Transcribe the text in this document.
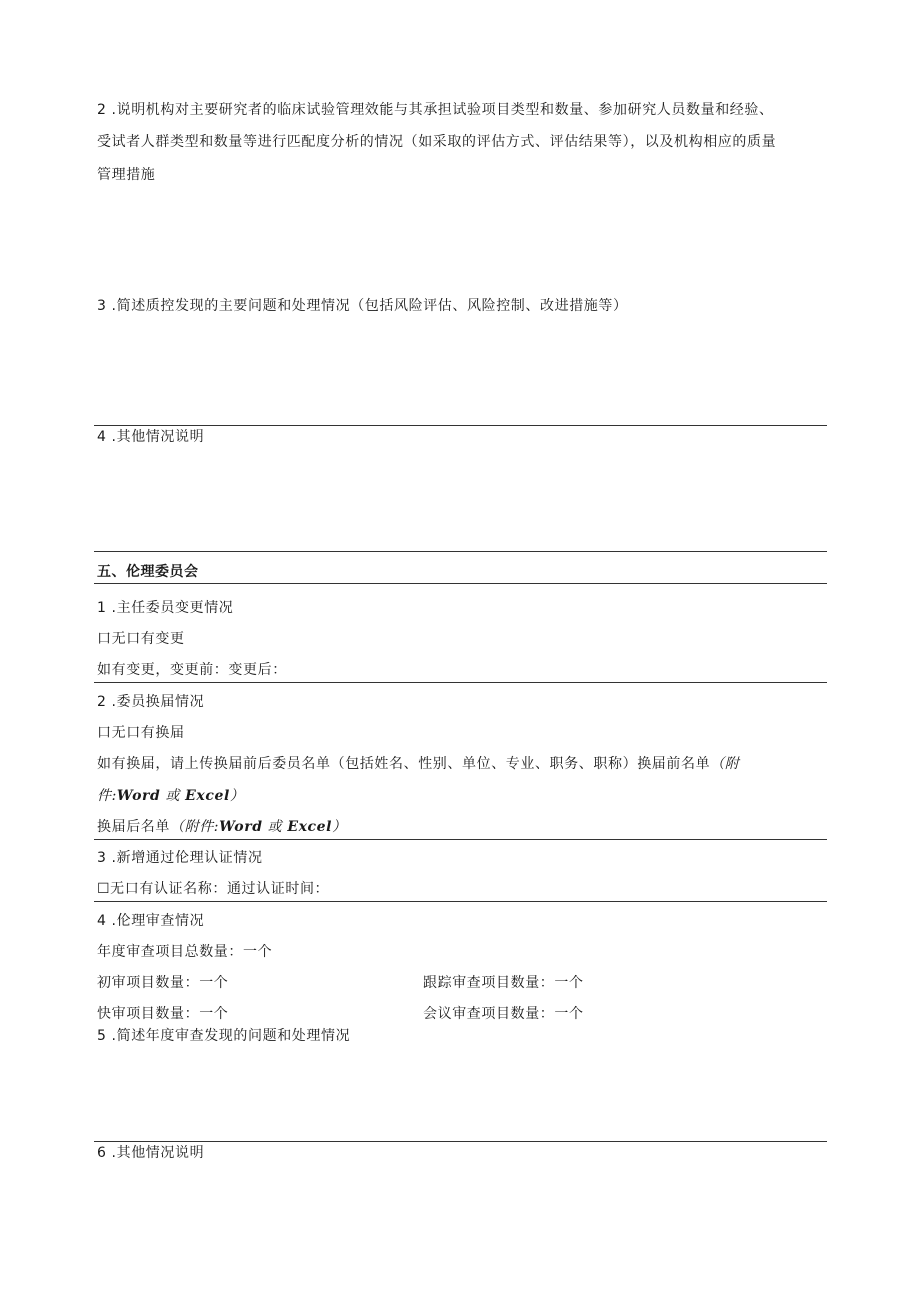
2 .说明机构对主要研究者的临床试验管理效能与其承担试验项目类型和数量、参加研究人员数量和经验、
受试者人群类型和数量等进行匹配度分析的情况（如采取的评估方式、评估结果等），以及机构相应的质量
管理措施
3 .简述质控发现的主要问题和处理情况（包括风险评估、风险控制、改进措施等）
4 .其他情况说明
五、伦理委员会
1 .主任委员变更情况
口无口有变更
如有变更，变更前：变更后：
2 .委员换届情况
口无口有换届
如有换届，请上传换届前后委员名单（包括姓名、性别、单位、专业、职务、职称）换届前名单（附
件:Word 或 Excel）
换届后名单（附件:Word 或 Excel）
3 .新增通过伦理认证情况
☐无口有认证名称：通过认证时间：
4 .伦理审查情况
年度审查项目总数量：一个
初审项目数量：一个	跟踪审查项目数量：一个
快审项目数量：一个	会议审查项目数量：一个
5 .简述年度审查发现的问题和处理情况
6 .其他情况说明
